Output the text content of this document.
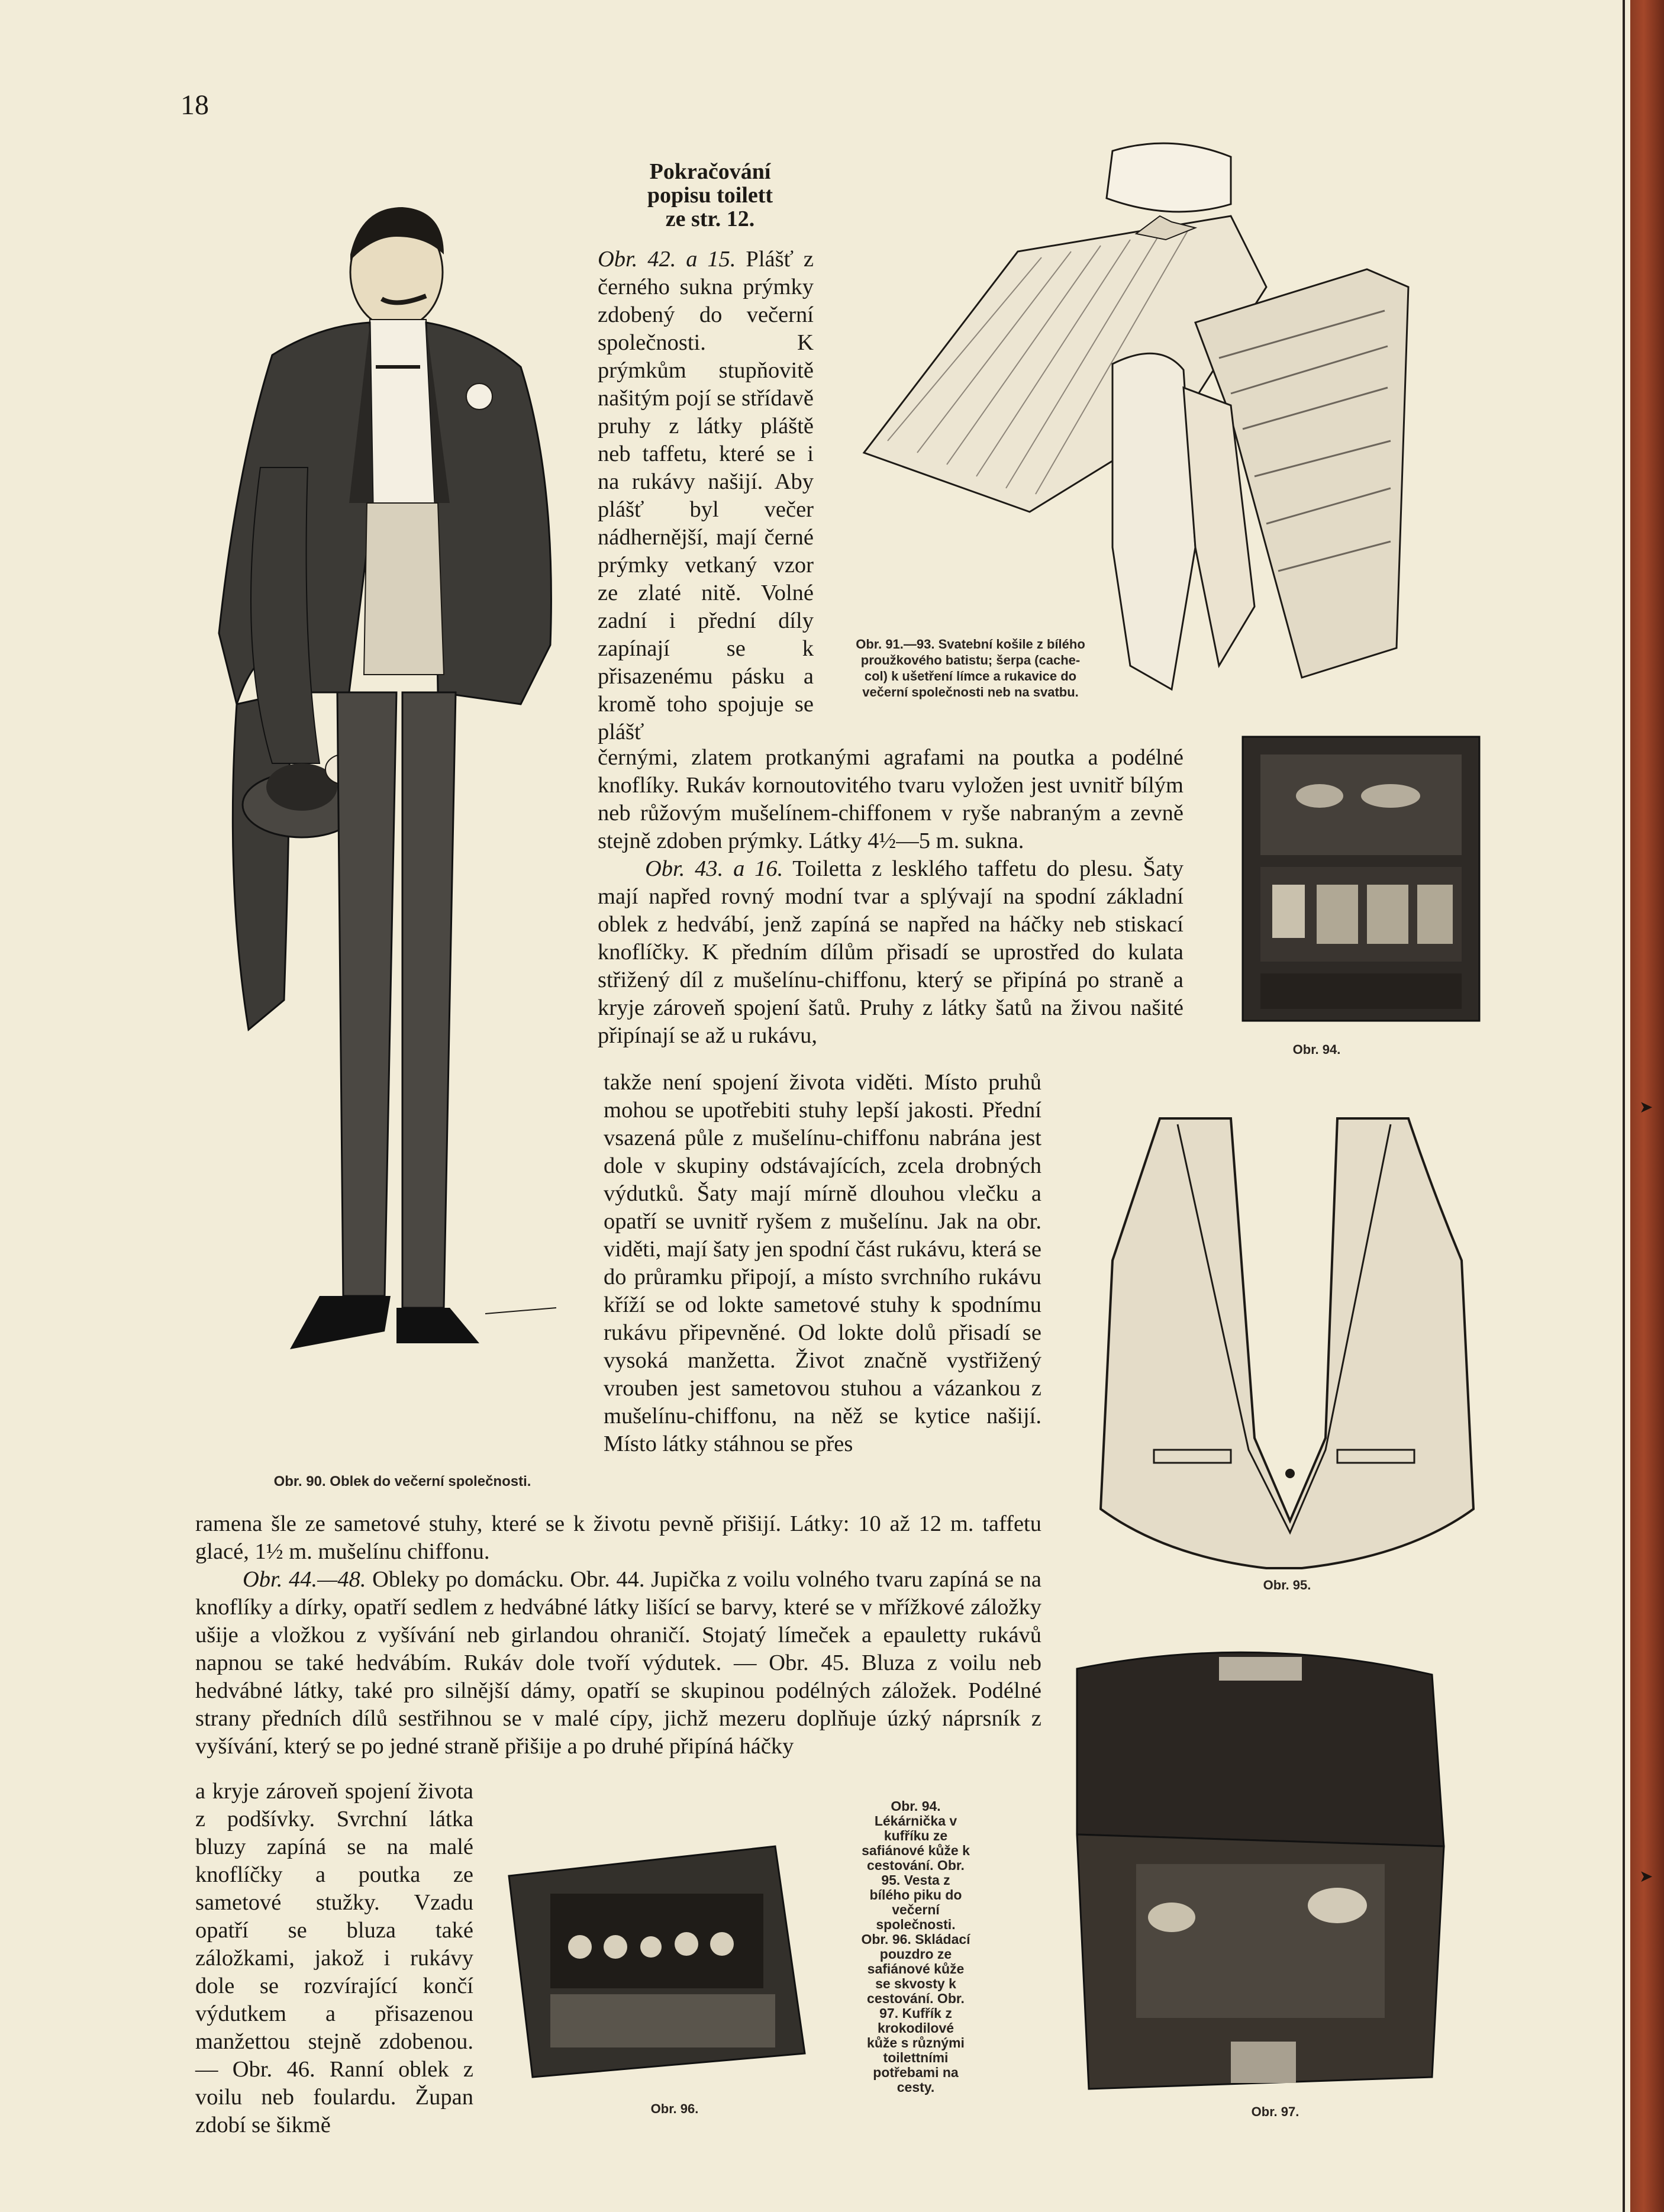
➤
➤
18
Pokračování
popisu toilett
ze str. 12.
Obr. 90. Oblek do večerní společnosti.

Obr. 42. a 15. Plášť z černého sukna prýmky zdobený do večerní společnosti. K prýmkům stupňovitě našitým pojí se střídavě pruhy z látky pláště neb taffetu, které se i na rukávy našijí. Aby plášť byl večer nádhernější, mají černé prýmky vetkaný vzor ze zlaté nitě. Volné zadní i přední díly zapínají se k přisazenému pásku a kromě toho spojuje se plášť

Obr. 91.—93. Svatební košile z bílého proužkového batistu; šerpa (cache-col) k ušetření límce a rukavice do večerní společnosti neb na svatbu.

černými, zlatem protkanými agrafami na poutka a podélné knoflíky. Rukáv kornoutovitého tvaru vyložen jest uvnitř bílým neb růžovým mušelínem-chiffonem v ryše nabraným a zevně stejně zdoben prýmky. Látky 4½—5 m. sukna.

Obr. 43. a 16. Toiletta z lesklého taffetu do plesu. Šaty mají napřed rovný modní tvar a splývají na spodní základní oblek z hedvábí, jenž zapíná se napřed na háčky neb stiskací knoflíčky. K předním dílům přisadí se uprostřed do kulata střižený díl z mušelínu-chiffonu, který se připíná po straně a kryje zároveň spojení šatů. Pruhy z látky šatů na živou našité připínají se až u rukávu,

Obr. 94.

takže není spojení života viděti. Místo pruhů mohou se upotřebiti stuhy lepší jakosti. Přední vsazená půle z mušelínu-chiffonu nabrána jest dole v skupiny odstávajících, zcela drobných výdutků. Šaty mají mírně dlouhou vlečku a opatří se uvnitř ryšem z mušelínu. Jak na obr. viděti, mají šaty jen spodní část rukávu, která se do průramku připojí, a místo svrchního rukávu kříží se od lokte sametové stuhy k spodnímu rukávu připevněné. Od lokte dolů přisadí se vysoká manžetta. Život značně vystřižený vrouben jest sametovou stuhou a vázankou z mušelínu-chiffonu, na něž se kytice našijí. Místo látky stáhnou se přes

Obr. 95.

ramena šle ze sametové stuhy, které se k životu pevně přišijí. Látky: 10 až 12 m. taffetu glacé, 1½ m. mušelínu chiffonu.

Obr. 44.—48. Obleky po domácku. Obr. 44. Jupička z voilu volného tvaru zapíná se na knoflíky a dírky, opatří sedlem z hedvábné látky lišící se barvy, které se v mřížkové záložky ušije a vložkou z vyšívání neb girlandou ohraničí. Stojatý límeček a epauletty rukávů napnou se také hedvábím. Rukáv dole tvoří výdutek. — Obr. 45. Bluza z voilu neb hedvábné látky, také pro silnější dámy, opatří se skupinou podélných záložek. Podélné strany předních dílů sestřihnou se v malé cípy, jichž mezeru doplňuje úzký náprsník z vyšívání, který se po jedné straně přišije a po druhé připíná háčky

a kryje zároveň spojení života z podšívky. Svrchní látka bluzy zapíná se na malé knoflíčky a poutka ze sametové stužky. Vzadu opatří se bluza také záložkami, jakož i rukávy dole se rozvírající končí výdutkem a přisazenou manžettou stejně zdobenou. — Obr. 46. Ranní oblek z voilu neb foulardu. Župan zdobí se šikmě

Obr. 96.
Obr. 94. Lékárnička v kufříku ze safiánové kůže k cestování. Obr. 95. Vesta z bílého piku do večerní společnosti. Obr. 96. Skládací pouzdro ze safiánové kůže se skvosty k cestování. Obr. 97. Kufřík z krokodilové kůže s různými toilettními potřebami na cesty.
Obr. 97.
